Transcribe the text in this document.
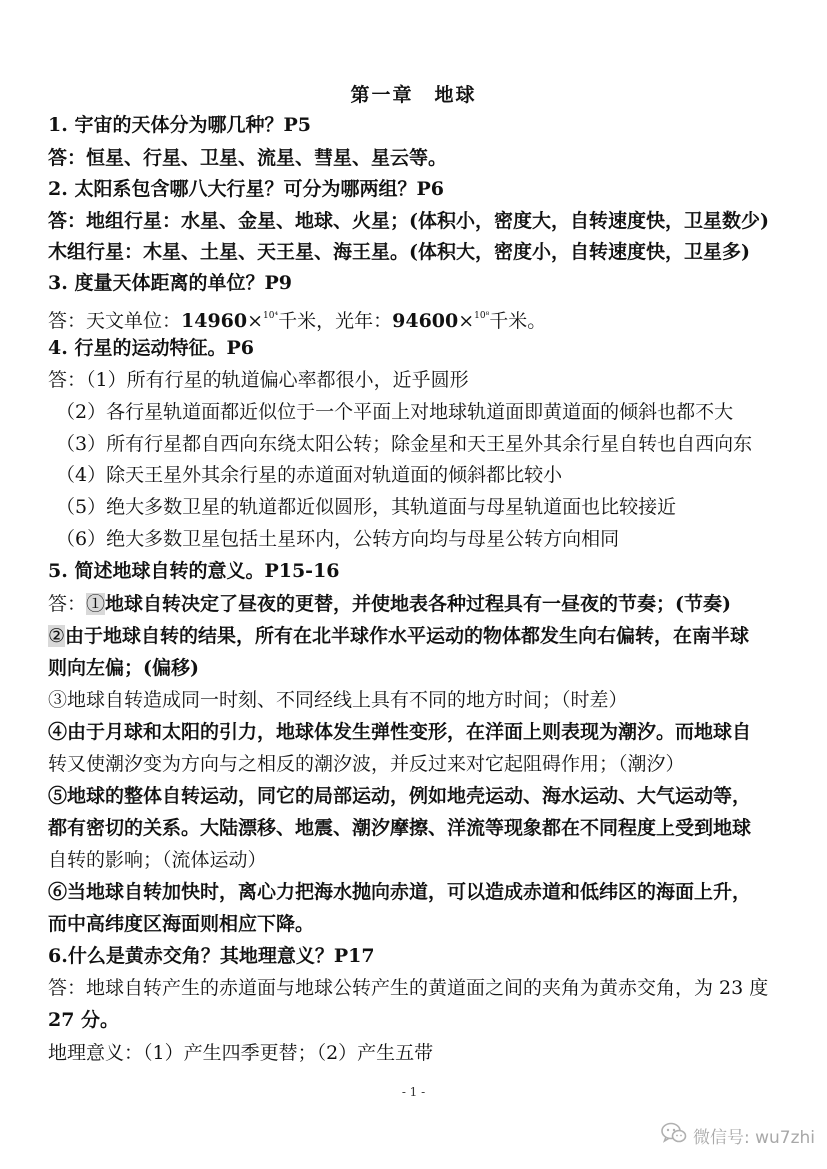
第一章　地球
1. 宇宙的天体分为哪几种？P5
答：恒星、行星、卫星、流星、彗星、星云等。
2. 太阳系包含哪八大行星？可分为哪两组？P6
答：地组行星：水星、金星、地球、火星；(体积小，密度大，自转速度快，卫星数少)
木组行星：木星、土星、天王星、海王星。(体积大，密度小，自转速度快，卫星多)
3. 度量天体距离的单位？P9
答：天文单位：14960×$^{10^4}$千米，光年：94600×$^{10^8}$千米。
4. 行星的运动特征。P6
答：（1）所有行星的轨道偏心率都很小，近乎圆形
（2）各行星轨道面都近似位于一个平面上对地球轨道面即黄道面的倾斜也都不大
（3）所有行星都自西向东绕太阳公转；除金星和天王星外其余行星自转也自西向东
（4）除天王星外其余行星的赤道面对轨道面的倾斜都比较小
（5）绝大多数卫星的轨道都近似圆形，其轨道面与母星轨道面也比较接近
（6）绝大多数卫星包括土星环内，公转方向均与母星公转方向相同
5. 简述地球自转的意义。P15-16
答：①地球自转决定了昼夜的更替，并使地表各种过程具有一昼夜的节奏；(节奏)
②由于地球自转的结果，所有在北半球作水平运动的物体都发生向右偏转，在南半球
则向左偏；(偏移)
③地球自转造成同一时刻、不同经线上具有不同的地方时间；（时差）
④由于月球和太阳的引力，地球体发生弹性变形，在洋面上则表现为潮汐。而地球自
转又使潮汐变为方向与之相反的潮汐波，并反过来对它起阻碍作用；（潮汐）
⑤地球的整体自转运动，同它的局部运动，例如地壳运动、海水运动、大气运动等，
都有密切的关系。大陆漂移、地震、潮汐摩擦、洋流等现象都在不同程度上受到地球
自转的影响；（流体运动）
⑥当地球自转加快时，离心力把海水抛向赤道，可以造成赤道和低纬区的海面上升，
而中高纬度区海面则相应下降。
6.什么是黄赤交角？其地理意义？P17
答：地球自转产生的赤道面与地球公转产生的黄道面之间的夹角为黄赤交角，为 23 度
27 分。
地理意义：（1）产生四季更替；（2）产生五带
- 1 -
微信号: wu7zhi
